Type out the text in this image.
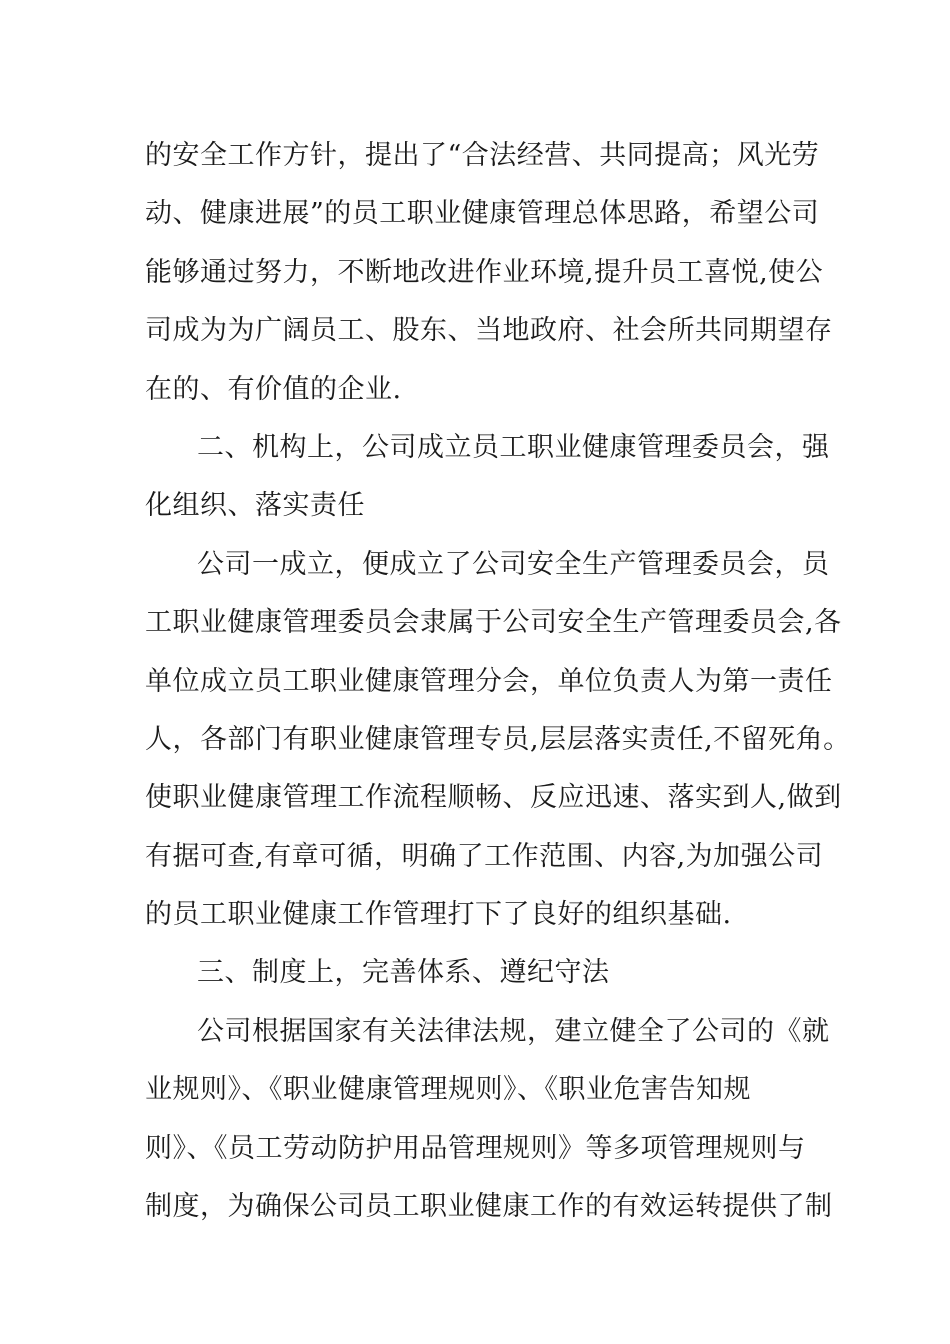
的安全工作方针，提出了“合法经营、共同提高；风光劳
动、健康进展”的员工职业健康管理总体思路，希望公司
能够通过努力，不断地改进作业环境,提升员工喜悦,使公
司成为为广阔员工、股东、当地政府、社会所共同期望存
在的、有价值的企业.
二、机构上，公司成立员工职业健康管理委员会，强
化组织、落实责任
公司一成立，便成立了公司安全生产管理委员会，员
工职业健康管理委员会隶属于公司安全生产管理委员会,各
单位成立员工职业健康管理分会，单位负责人为第一责任
人，各部门有职业健康管理专员,层层落实责任,不留死角。
使职业健康管理工作流程顺畅、反应迅速、落实到人,做到
有据可查,有章可循，明确了工作范围、内容,为加强公司
的员工职业健康工作管理打下了良好的组织基础.
三、制度上，完善体系、遵纪守法
公司根据国家有关法律法规，建立健全了公司的《就
业规则》、《职业健康管理规则》、《职业危害告知规
则》、《员工劳动防护用品管理规则》等多项管理规则与
制度，为确保公司员工职业健康工作的有效运转提供了制
